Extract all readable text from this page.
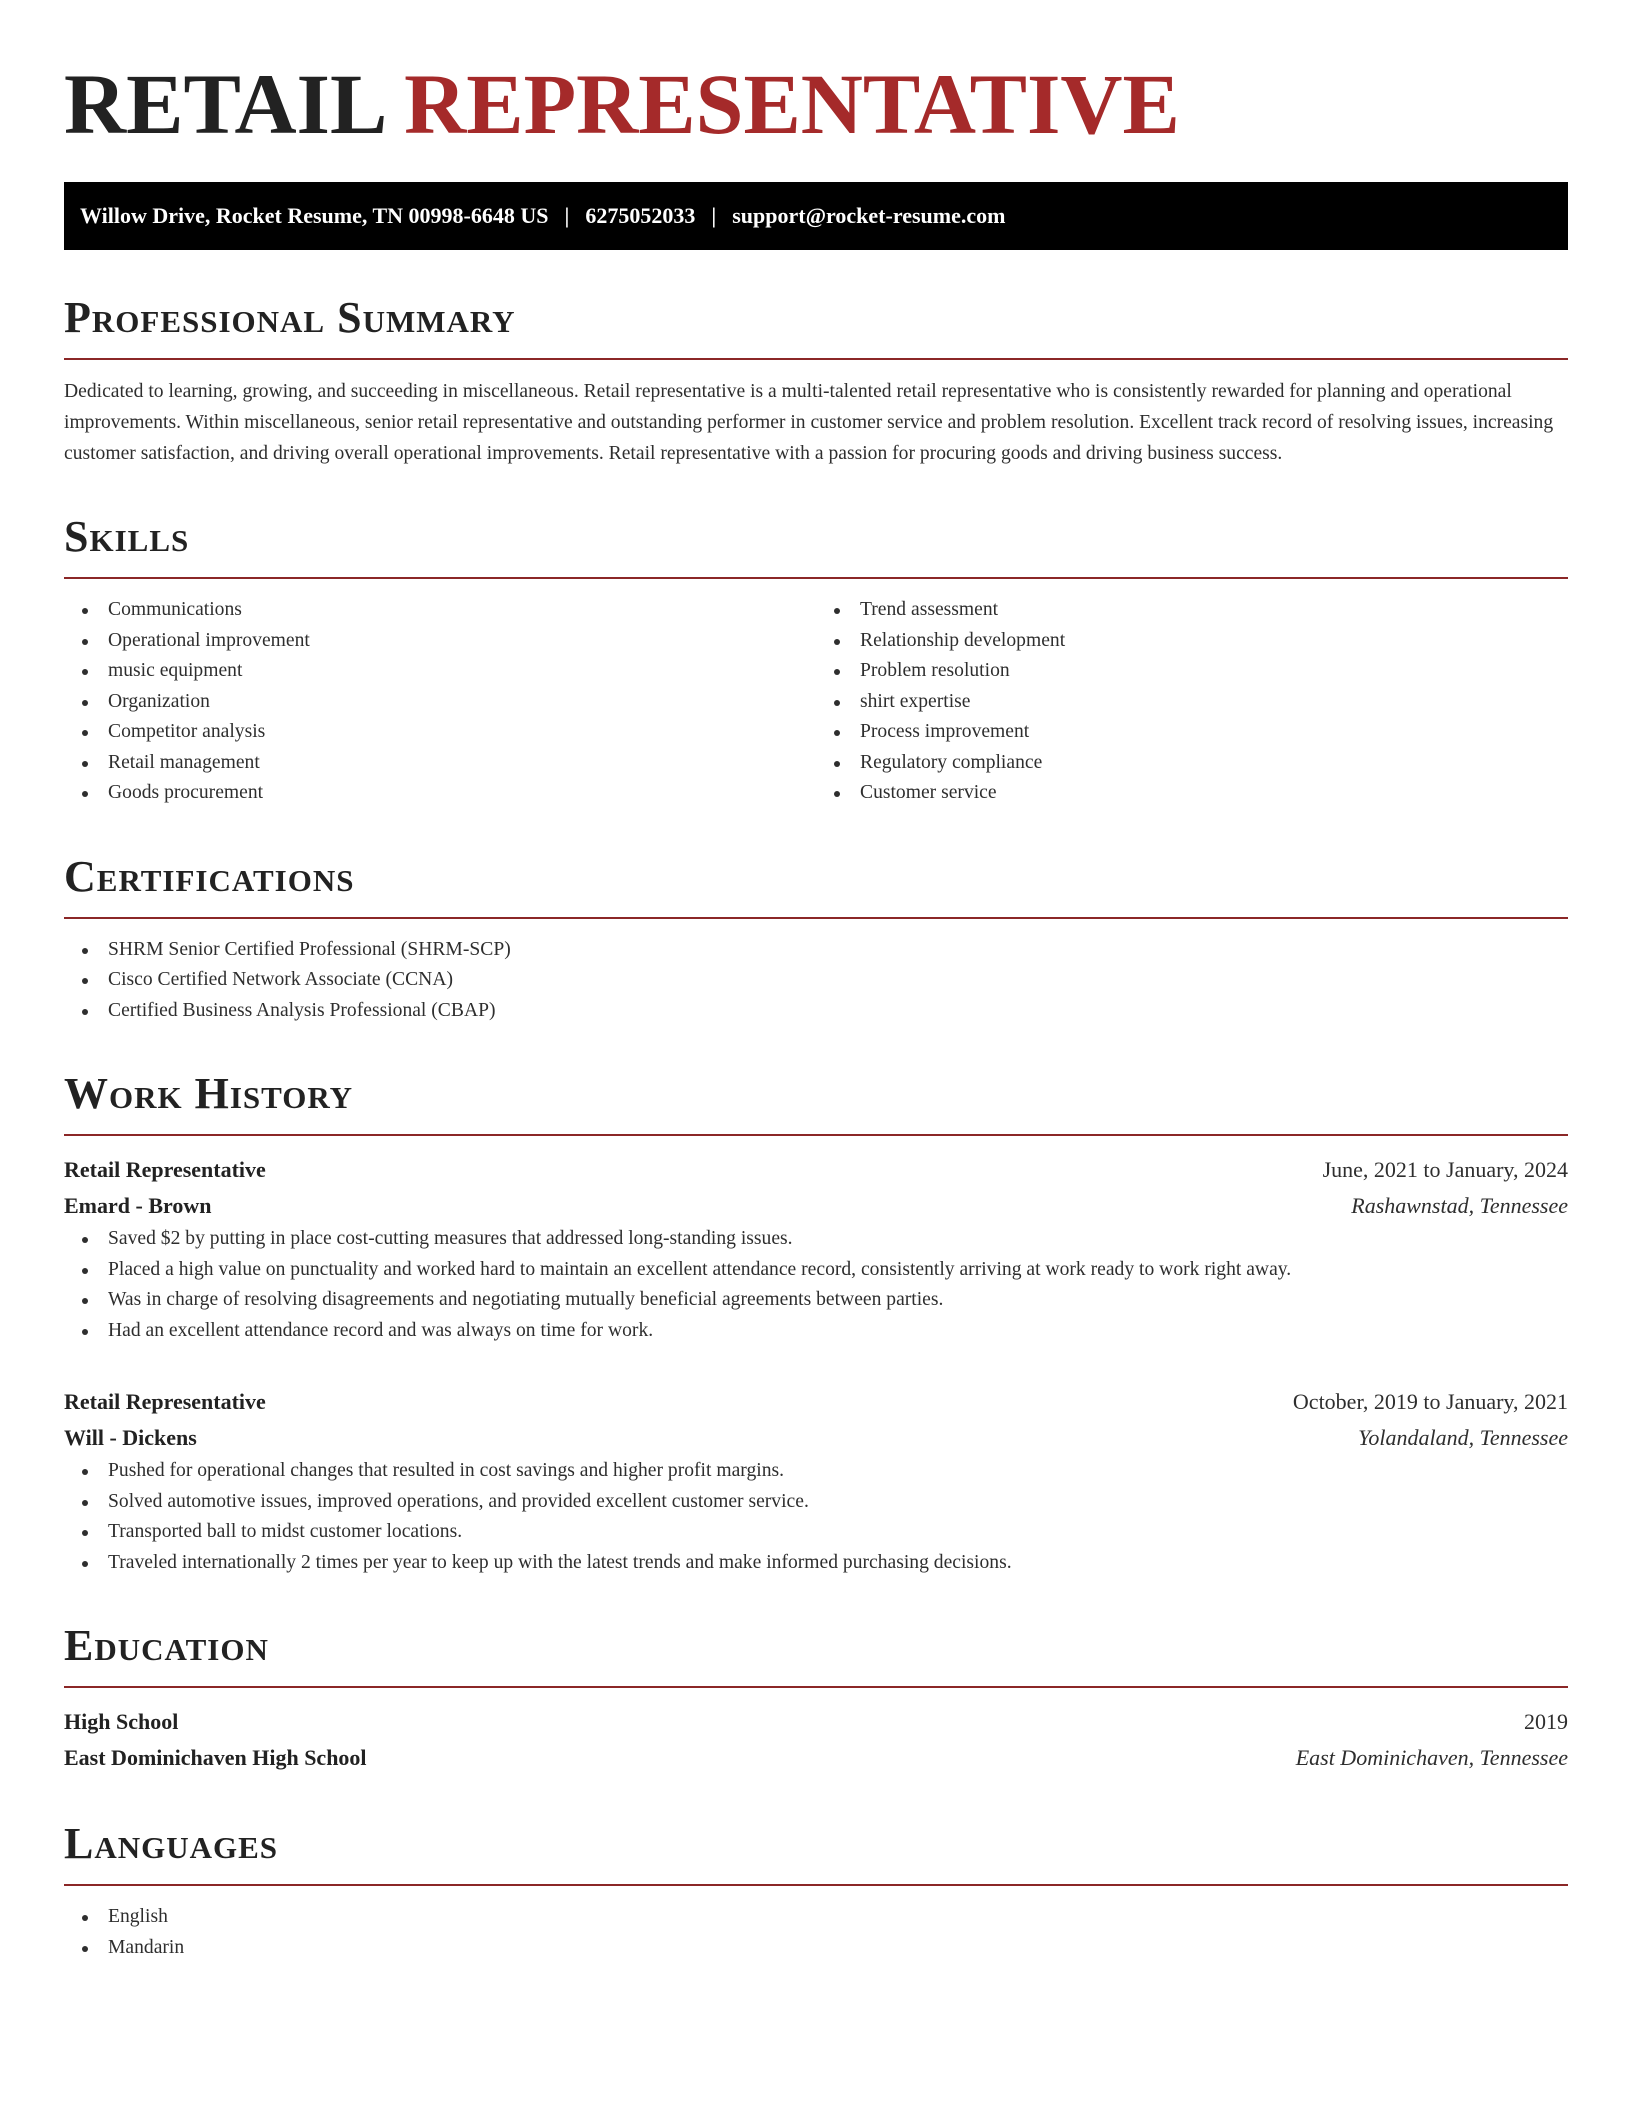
RETAIL REPRESENTATIVE
Willow Drive, Rocket Resume, TN 00998-6648 US | 6275052033 | support@rocket-resume.com
Professional Summary

Dedicated to learning, growing, and succeeding in miscellaneous. Retail representative is a multi-talented retail representative who is consistently rewarded for planning and operational improvements. Within miscellaneous, senior retail representative and outstanding performer in customer service and problem resolution. Excellent track record of resolving issues, increasing customer satisfaction, and driving overall operational improvements. Retail representative with a passion for procuring goods and driving business success.

Skills
Communications
Operational improvement
music equipment
Organization
Competitor analysis
Retail management
Goods procurement
Trend assessment
Relationship development
Problem resolution
shirt expertise
Process improvement
Regulatory compliance
Customer service
Certifications
SHRM Senior Certified Professional (SHRM-SCP)
Cisco Certified Network Associate (CCNA)
Certified Business Analysis Professional (CBAP)
Work History
Retail Representative	June, 2021 to January, 2024
Emard - Brown	Rashawnstad, Tennessee
Saved $2 by putting in place cost-cutting measures that addressed long-standing issues.
Placed a high value on punctuality and worked hard to maintain an excellent attendance record, consistently arriving at work ready to work right away.
Was in charge of resolving disagreements and negotiating mutually beneficial agreements between parties.
Had an excellent attendance record and was always on time for work.
Retail Representative	October, 2019 to January, 2021
Will - Dickens	Yolandaland, Tennessee
Pushed for operational changes that resulted in cost savings and higher profit margins.
Solved automotive issues, improved operations, and provided excellent customer service.
Transported ball to midst customer locations.
Traveled internationally 2 times per year to keep up with the latest trends and make informed purchasing decisions.
Education
High School	2019
East Dominichaven High School	East Dominichaven, Tennessee
Languages
English
Mandarin
